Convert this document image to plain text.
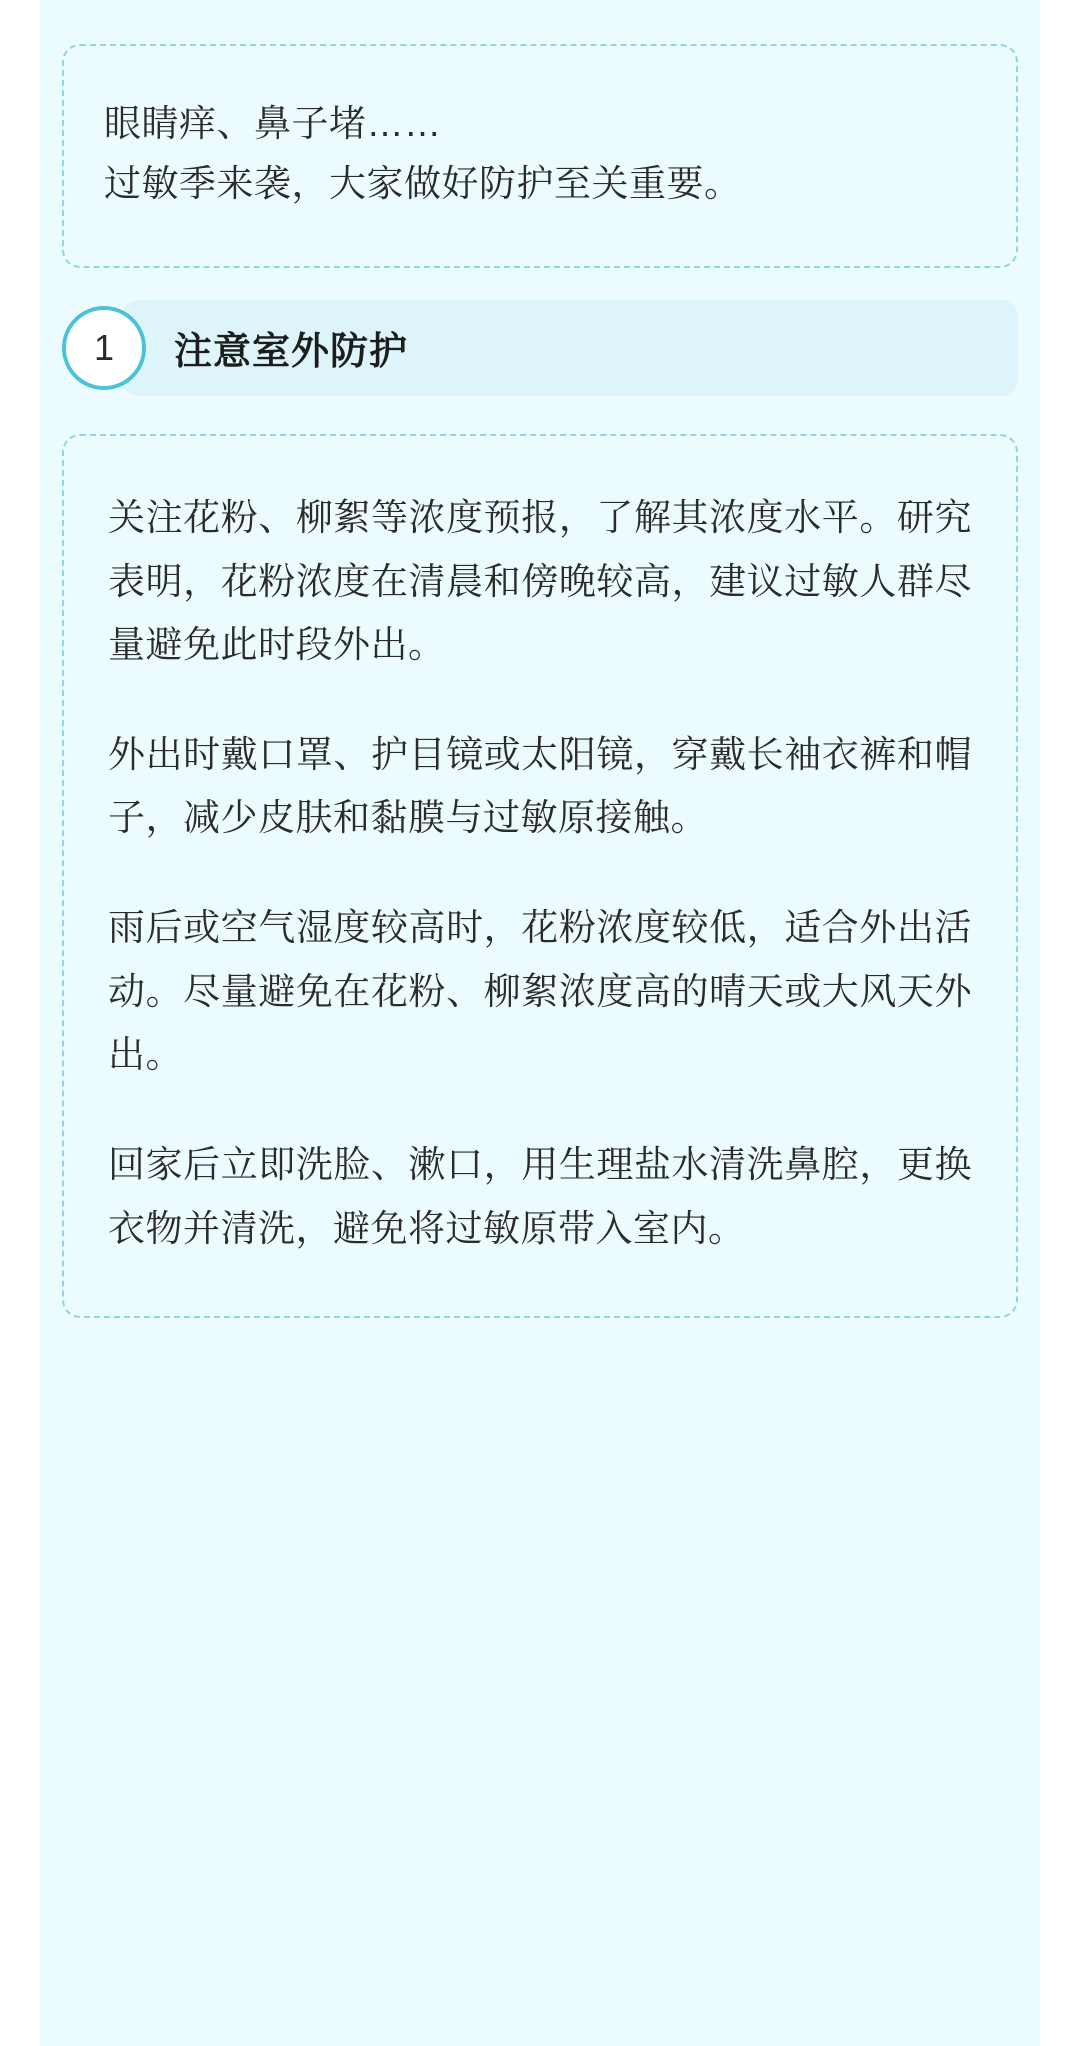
眼睛痒、鼻子堵……
过敏季来袭，大家做好防护至关重要。
1	注意室外防护

关注花粉、柳絮等浓度预报，了解其浓度水平。研究表明，花粉浓度在清晨和傍晚较高，建议过敏人群尽量避免此时段外出。

外出时戴口罩、护目镜或太阳镜，穿戴长袖衣裤和帽子，减少皮肤和黏膜与过敏原接触。

雨后或空气湿度较高时，花粉浓度较低，适合外出活动。尽量避免在花粉、柳絮浓度高的晴天或大风天外出。

回家后立即洗脸、漱口，用生理盐水清洗鼻腔，更换衣物并清洗，避免将过敏原带入室内。
